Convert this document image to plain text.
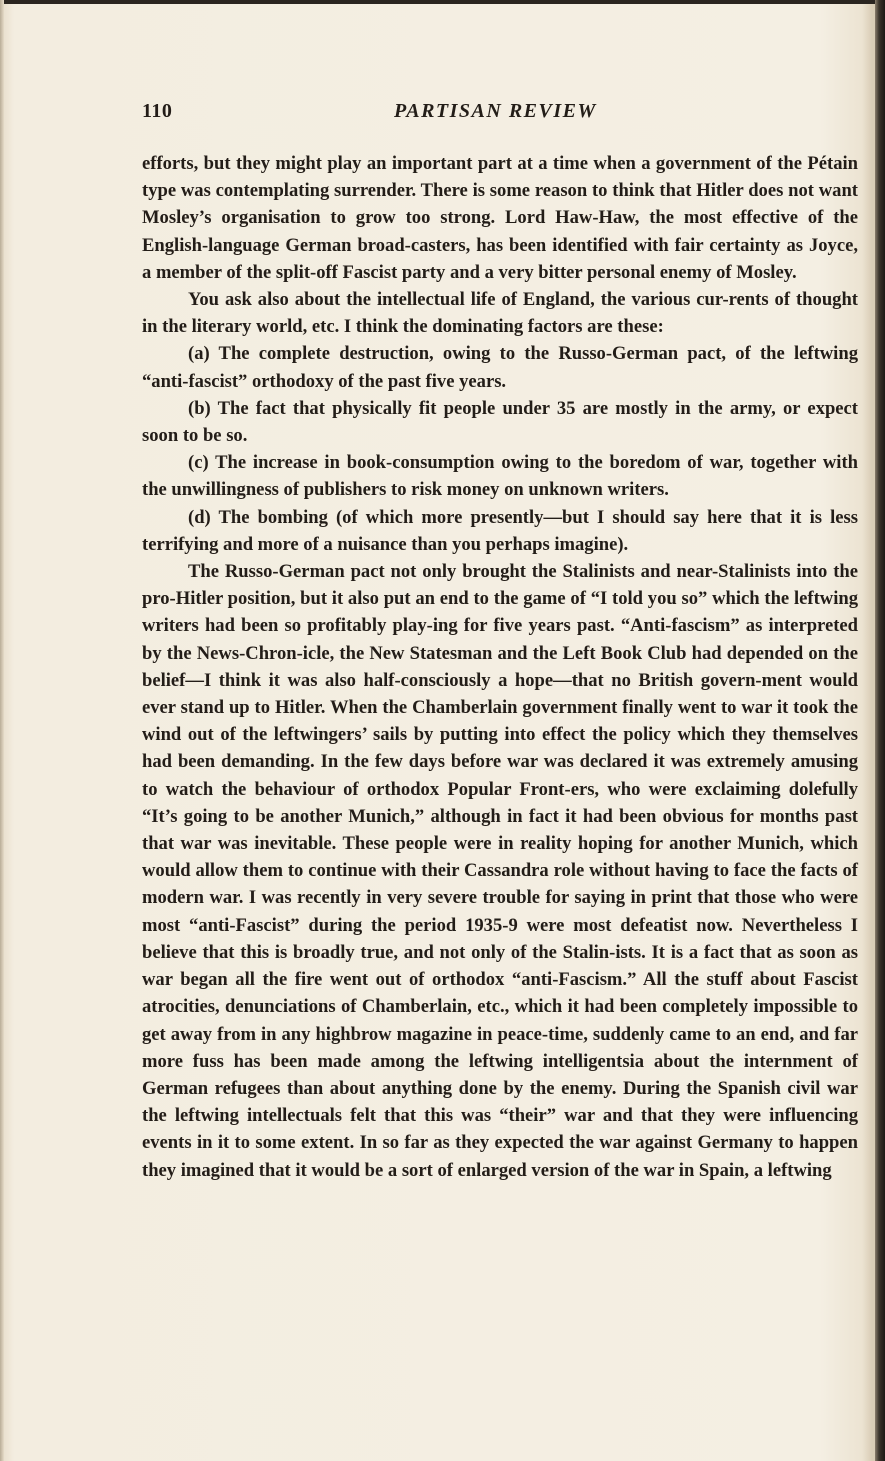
110	PARTISAN REVIEW

efforts, but they might play an important part at a time when a government of the Pétain type was contemplating surrender. There is some reason to think that Hitler does not want Mosley’s organisation to grow too strong. Lord Haw-Haw, the most effective of the English-language German broad-casters, has been identified with fair certainty as Joyce, a member of the split-off Fascist party and a very bitter personal enemy of Mosley.

You ask also about the intellectual life of England, the various cur-rents of thought in the literary world, etc. I think the dominating factors are these:

(a) The complete destruction, owing to the Russo-German pact, of the leftwing “anti-fascist” orthodoxy of the past five years.

(b) The fact that physically fit people under 35 are mostly in the army, or expect soon to be so.

(c) The increase in book-consumption owing to the boredom of war, together with the unwillingness of publishers to risk money on unknown writers.

(d) The bombing (of which more presently—but I should say here that it is less terrifying and more of a nuisance than you perhaps imagine).

The Russo-German pact not only brought the Stalinists and near-Stalinists into the pro-Hitler position, but it also put an end to the game of “I told you so” which the leftwing writers had been so profitably play-ing for five years past. “Anti-fascism” as interpreted by the News-Chron-icle, the New Statesman and the Left Book Club had depended on the belief—I think it was also half-consciously a hope—that no British govern-ment would ever stand up to Hitler. When the Chamberlain government finally went to war it took the wind out of the leftwingers’ sails by putting into effect the policy which they themselves had been demanding. In the few days before war was declared it was extremely amusing to watch the behaviour of orthodox Popular Front-ers, who were exclaiming dolefully “It’s going to be another Munich,” although in fact it had been obvious for months past that war was inevitable. These people were in reality hoping for another Munich, which would allow them to continue with their Cassandra role without having to face the facts of modern war. I was recently in very severe trouble for saying in print that those who were most “anti-Fascist” during the period 1935-9 were most defeatist now. Nevertheless I believe that this is broadly true, and not only of the Stalin-ists. It is a fact that as soon as war began all the fire went out of orthodox “anti-Fascism.” All the stuff about Fascist atrocities, denunciations of Chamberlain, etc., which it had been completely impossible to get away from in any highbrow magazine in peace-time, suddenly came to an end, and far more fuss has been made among the leftwing intelligentsia about the internment of German refugees than about anything done by the enemy. During the Spanish civil war the leftwing intellectuals felt that this was “their” war and that they were influencing events in it to some extent. In so far as they expected the war against Germany to happen they imagined that it would be a sort of enlarged version of the war in Spain, a leftwing
